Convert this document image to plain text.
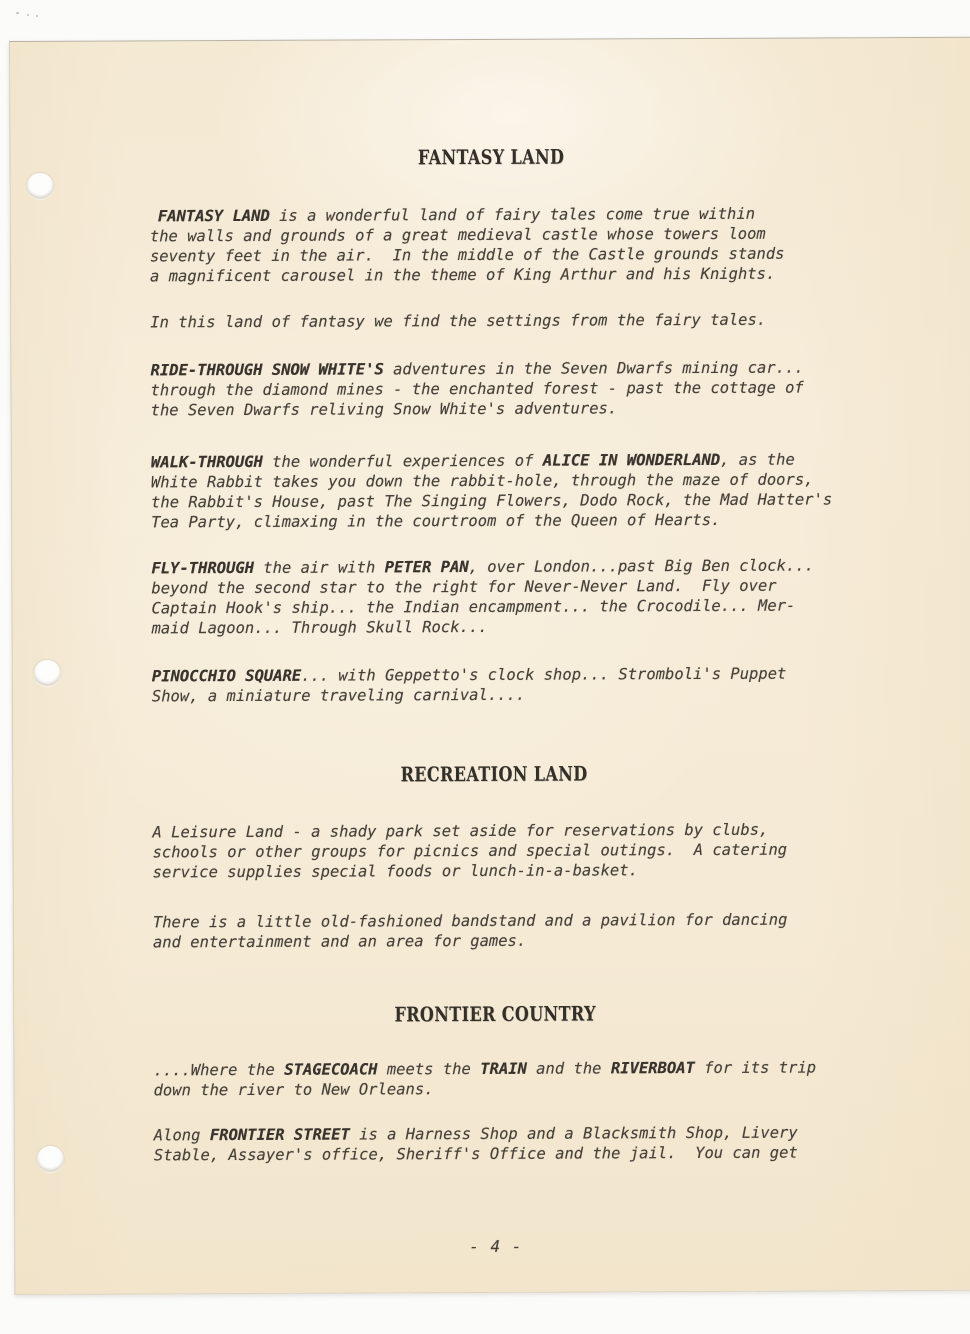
FANTASY LAND
FANTASY LAND is a wonderful land of fairy tales come true within
the walls and grounds of a great medieval castle whose towers loom
seventy feet in the air.  In the middle of the Castle grounds stands
a magnificent carousel in the theme of King Arthur and his Knights.
In this land of fantasy we find the settings from the fairy tales.
RIDE-THROUGH SNOW WHITE'S adventures in the Seven Dwarfs mining car...
through the diamond mines - the enchanted forest - past the cottage of
the Seven Dwarfs reliving Snow White's adventures.
WALK-THROUGH the wonderful experiences of ALICE IN WONDERLAND, as the
White Rabbit takes you down the rabbit-hole, through the maze of doors,
the Rabbit's House, past The Singing Flowers, Dodo Rock, the Mad Hatter's
Tea Party, climaxing in the courtroom of the Queen of Hearts.
FLY-THROUGH the air with PETER PAN, over London...past Big Ben clock...
beyond the second star to the right for Never-Never Land.  Fly over
Captain Hook's ship... the Indian encampment... the Crocodile... Mer-
maid Lagoon... Through Skull Rock...
PINOCCHIO SQUARE... with Geppetto's clock shop... Stromboli's Puppet
Show, a miniature traveling carnival....
RECREATION LAND
A Leisure Land - a shady park set aside for reservations by clubs,
schools or other groups for picnics and special outings.  A catering
service supplies special foods or lunch-in-a-basket.
There is a little old-fashioned bandstand and a pavilion for dancing
and entertainment and an area for games.
FRONTIER COUNTRY
....Where the STAGECOACH meets the TRAIN and the RIVERBOAT for its trip
down the river to New Orleans.
Along FRONTIER STREET is a Harness Shop and a Blacksmith Shop, Livery
Stable, Assayer's office, Sheriff's Office and the jail.  You can get
- 4 -
